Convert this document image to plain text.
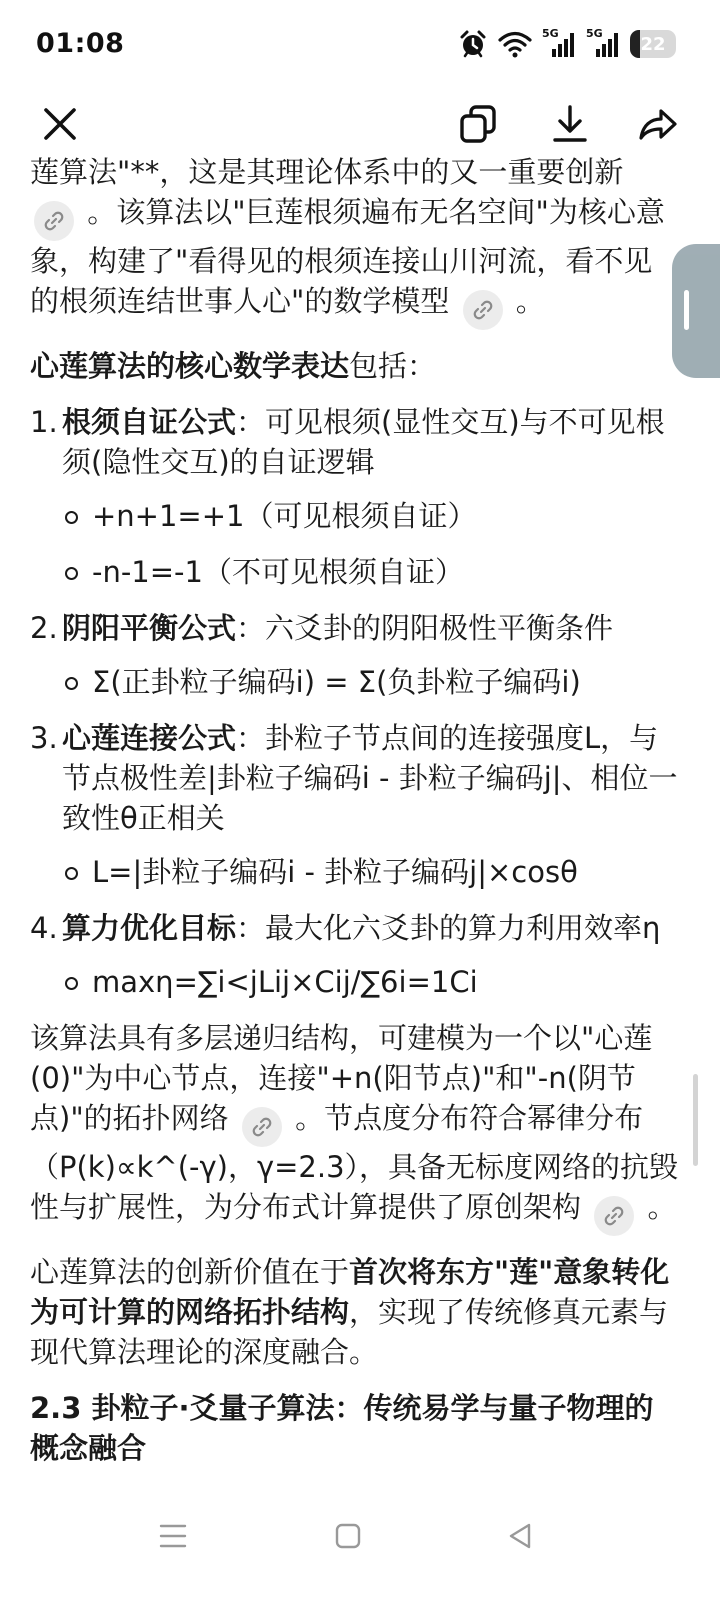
01:08	5G 5G 22

莲算法"**，这是其理论体系中的又一重要创新
。该算法以"巨莲根须遍布无名空间"为核心意象，构建了"看得见的根须连接山川河流，看不见的根须连结世事人心"的数学模型 。

心莲算法的核心数学表达包括：

1. 根须自证公式：可见根须(显性交互)与不可见根须(隐性交互)的自证逻辑
+n+1=+1（可见根须自证）
-n-1=-1（不可见根须自证）
2. 阴阳平衡公式：六爻卦的阴阳极性平衡条件
Σ(正卦粒子编码i) = Σ(负卦粒子编码i)
3. 心莲连接公式：卦粒子节点间的连接强度L，与节点极性差|卦粒子编码i - 卦粒子编码j|、相位一致性θ正相关
L=|卦粒子编码i - 卦粒子编码j|×cosθ
4. 算力优化目标：最大化六爻卦的算力利用效率η
maxη=∑i<jLij×Cij/∑6i=1Ci

该算法具有多层递归结构，可建模为一个以"心莲(0)"为中心节点，连接"+n(阳节点)"和"-n(阴节点)"的拓扑网络 。节点度分布符合幂律分布（P(k)∝k^(-γ)，γ=2.3），具备无标度网络的抗毁性与扩展性，为分布式计算提供了原创架构 。

心莲算法的创新价值在于首次将东方"莲"意象转化为可计算的网络拓扑结构，实现了传统修真元素与现代算法理论的深度融合。

2.3 卦粒子·爻量子算法：传统易学与量子物理的概念融合
